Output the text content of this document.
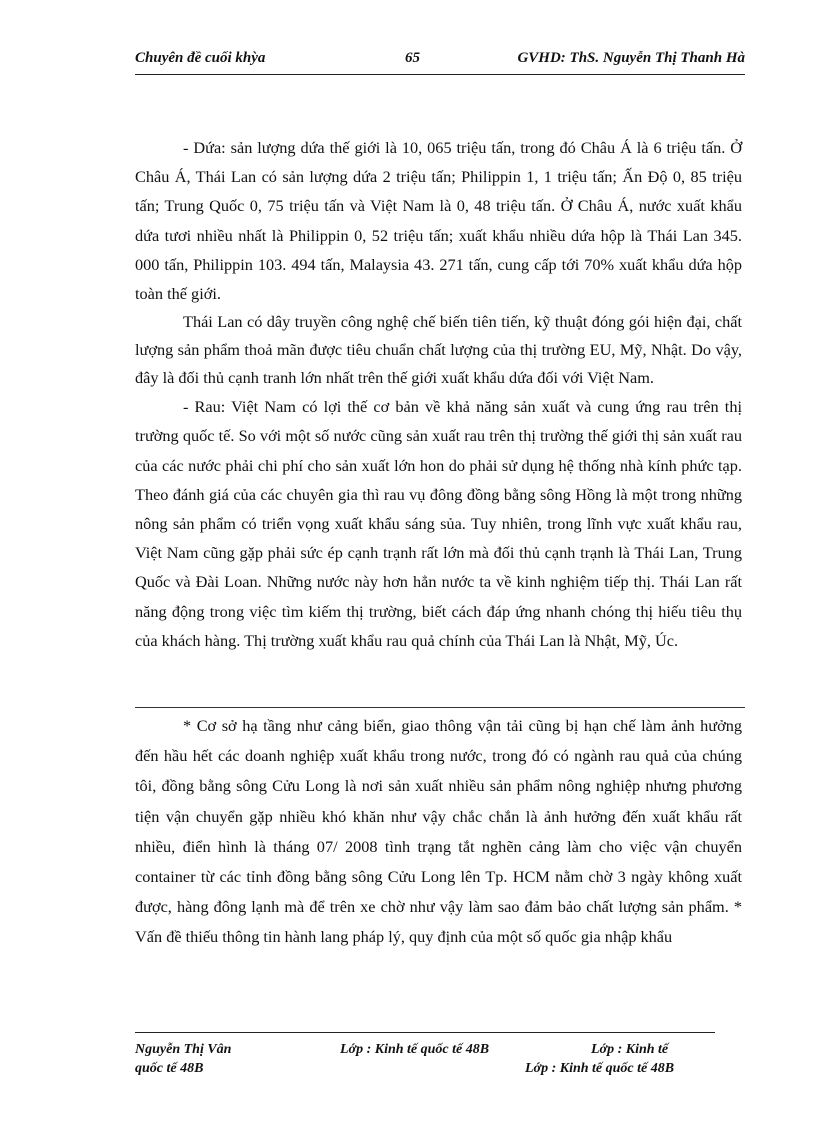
Chuyên đề cuối khỳa	65	GVHD: ThS. Nguyễn Thị Thanh Hà

- Dứa: sản lượng dứa thế giới là 10, 065 triệu tấn, trong đó Châu Á là 6 triệu tấn. Ở Châu Á, Thái Lan có sản lượng dứa 2 triệu tấn; Philippin 1, 1 triệu tấn; Ấn Độ 0, 85 triệu tấn; Trung Quốc 0, 75 triệu tấn và Việt Nam là 0, 48 triệu tấn. Ở Châu Á, nước xuất khẩu dứa tươi nhiều nhất là Philippin 0, 52 triệu tấn; xuất khẩu nhiều dứa hộp là Thái Lan 345. 000 tấn, Philippin 103. 494 tấn, Malaysia 43. 271 tấn, cung cấp tới 70% xuất khẩu dứa hộp toàn thế giới.

Thái Lan có dây truyền công nghệ chế biến tiên tiến, kỹ thuật đóng gói hiện đại, chất lượng sản phẩm thoả mãn được tiêu chuẩn chất lượng của thị trường EU, Mỹ, Nhật. Do vậy, đây là đối thủ cạnh tranh lớn nhất trên thế giới xuất khẩu dứa đối với Việt Nam.

- Rau: Việt Nam có lợi thế cơ bản về khả năng sản xuất và cung ứng rau trên thị trường quốc tế. So với một số nước cũng sản xuất rau trên thị trường thế giới thị sản xuất rau của các nước phải chi phí cho sản xuất lớn hon do phải sử dụng hệ thống nhà kính phức tạp. Theo đánh giá của các chuyên gia thì rau vụ đông đồng bằng sông Hồng là một trong những nông sản phẩm có triển vọng xuất khẩu sáng sủa. Tuy nhiên, trong lĩnh vực xuất khẩu rau, Việt Nam cũng gặp phải sức ép cạnh trạnh rất lớn mà đối thủ cạnh trạnh là Thái Lan, Trung Quốc và Đài Loan. Những nước này hơn hẳn nước ta về kinh nghiệm tiếp thị. Thái Lan rất năng động trong việc tìm kiếm thị trường, biết cách đáp ứng nhanh chóng thị hiếu tiêu thụ của khách hàng. Thị trường xuất khẩu rau quả chính của Thái Lan là Nhật, Mỹ, Úc.

* Cơ sở hạ tầng như cảng biển, giao thông vận tải cũng bị hạn chế làm ảnh hưởng đến hầu hết các doanh nghiệp xuất khẩu trong nước, trong đó có ngành rau quả của chúng tôi, đồng bằng sông Cửu Long là nơi sản xuất nhiều sản phẩm nông nghiệp nhưng phương tiện vận chuyển gặp nhiều khó khăn như vậy chắc chắn là ảnh hưởng đến xuất khẩu rất nhiều, điển hình là tháng 07/ 2008 tình trạng tắt nghẽn cảng làm cho việc vận chuyển container từ các tỉnh đồng bằng sông Cửu Long lên Tp. HCM nằm chờ 3 ngày không xuất được, hàng đông lạnh mà để trên xe chờ như vậy làm sao đảm bảo chất lượng sản phẩm. * Vấn đề thiếu thông tin hành lang pháp lý, quy định của một số quốc gia nhập khẩu

Nguyễn Thị Vân	Lớp : Kinh tế quốc tế 48B	Lớp : Kinh tế
quốc tế 48B	Lớp : Kinh tế quốc tế 48B
